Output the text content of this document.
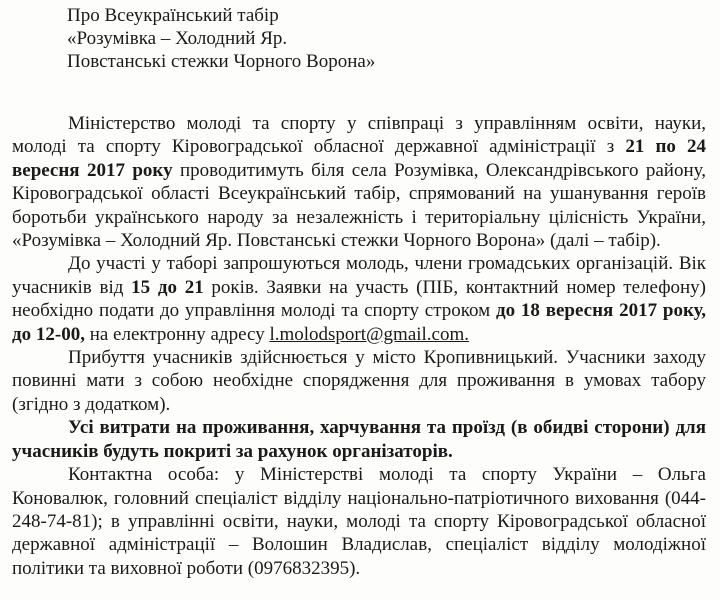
Про Всеукраїнський табір
«Розумівка – Холодний Яр.
Повстанські стежки Чорного Ворона»

Міністерство молоді та спорту у співпраці з управлінням освіти, науки, молоді та спорту Кіровоградської обласної державної адміністрації з 21 по 24 вересня 2017 року проводитимуть біля села Розумівка, Олександрівського району, Кіровоградської області Всеукраїнський табір, спрямований на ушанування героїв боротьби українського народу за незалежність і територіальну цілісність України, «Розумівка – Холодний Яр. Повстанські стежки Чорного Ворона» (далі – табір).

До участі у таборі запрошуються молодь, члени громадських організацій. Вік учасників від 15 до 21 років. Заявки на участь (ПІБ, контактний номер телефону) необхідно подати до управління молоді та спорту строком до 18 вересня 2017 року, до 12-00, на електронну адресу l.molodsport@gmail.com.

Прибуття учасників здійснюється у місто Кропивницький. Учасники заходу повинні мати з собою необхідне спорядження для проживання в умовах табору (згідно з додатком).

Усі витрати на проживання, харчування та проїзд (в обидві сторони) для учасників будуть покриті за рахунок організаторів.

Контактна особа: у Міністерстві молоді та спорту України – Ольга Коновалюк, головний спеціаліст відділу національно-патріотичного виховання (044-248-74-81); в управлінні освіти, науки, молоді та спорту Кіровоградської обласної державної адміністрації – Волошин Владислав, спеціаліст відділу молодіжної політики та виховної роботи (0976832395).
